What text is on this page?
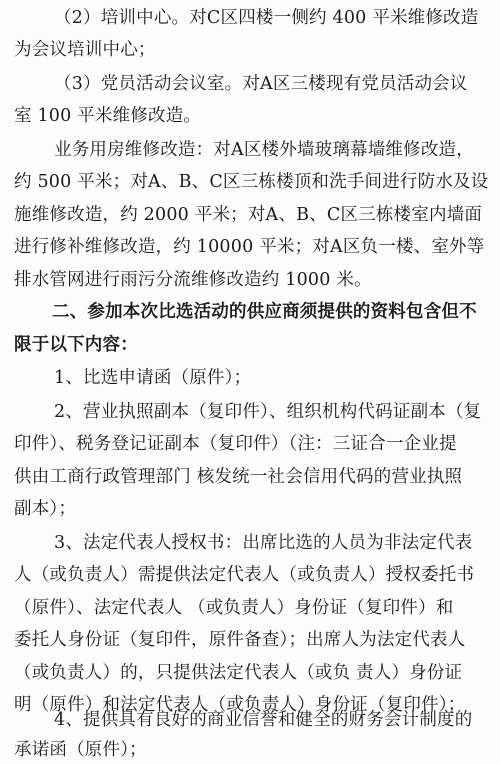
（2）培训中心。对C区四楼一侧约 400 平米维修改造
为会议培训中心；
（3）党员活动会议室。对A区三楼现有党员活动会议
室 100 平米维修改造。
业务用房维修改造：对A区楼外墙玻璃幕墙维修改造，
约 500 平米；对A、B、C区三栋楼顶和洗手间进行防水及设
施维修改造，约 2000 平米；对A、B、C区三栋楼室内墙面
进行修补维修改造，约 10000 平米；对A区负一楼、室外等
排水管网进行雨污分流维修改造约 1000 米。
二、参加本次比选活动的供应商须提供的资料包含但不
限于以下内容：
1、比选申请函（原件）；
2、营业执照副本（复印件）、组织机构代码证副本（复
印件）、税务登记证副本（复印件）（注：三证合一企业提
供由工商行政管理部门 核发统一社会信用代码的营业执照
副本）；
3、法定代表人授权书：出席比选的人员为非法定代表
人（或负责人）需提供法定代表人（或负责人）授权委托书
（原件）、法定代表人 （或负责人）身份证（复印件）和
委托人身份证（复印件，原件备查）；出席人为法定代表人
（或负责人）的，只提供法定代表人（或负 责人）身份证
明（原件）和法定代表人（或负责人）身份证（复印件）；
4、提供具有良好的商业信誉和健全的财务会计制度的
承诺函（原件）；
